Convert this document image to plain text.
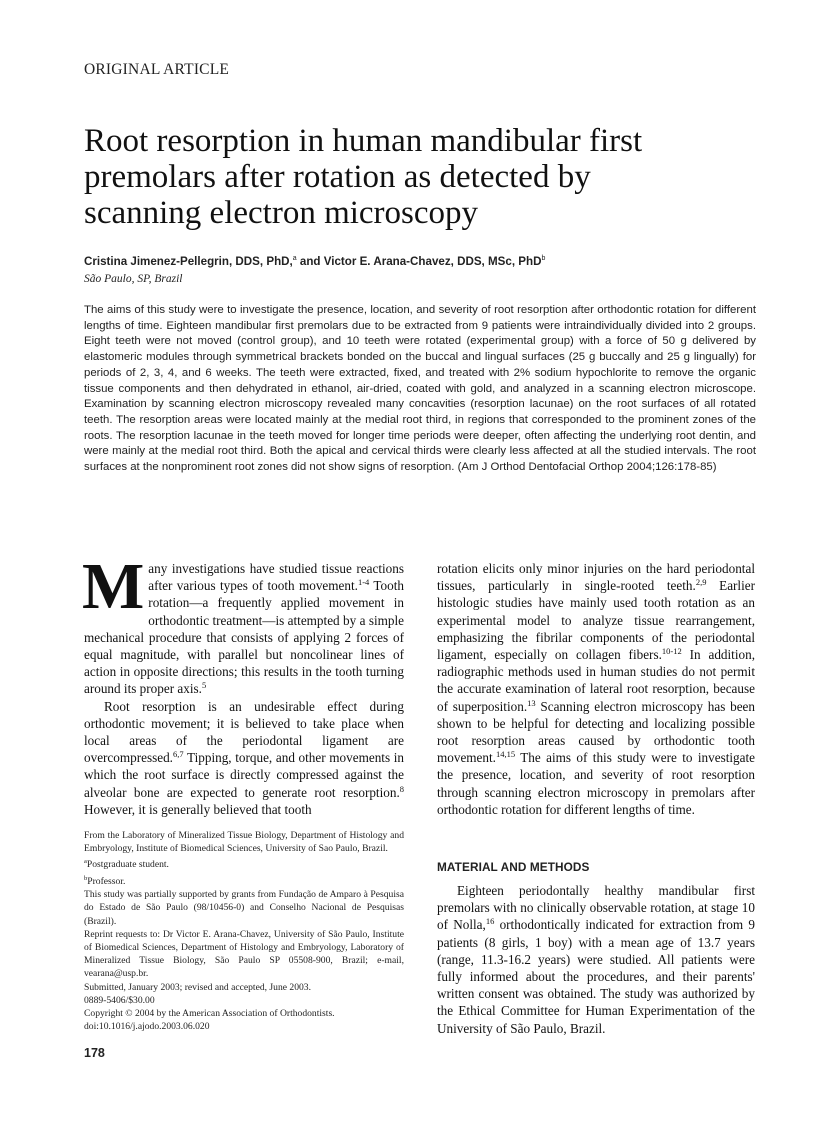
ORIGINAL ARTICLE
Root resorption in human mandibular first
premolars after rotation as detected by
scanning electron microscopy
Cristina Jimenez-Pellegrin, DDS, PhD,$^a$ and Victor E. Arana-Chavez, DDS, MSc, PhD$^b$
São Paulo, SP, Brazil
The aims of this study were to investigate the presence, location, and severity of root resorption after orthodontic rotation for different lengths of time. Eighteen mandibular first premolars due to be extracted from 9 patients were intraindividually divided into 2 groups. Eight teeth were not moved (control group), and 10 teeth were rotated (experimental group) with a force of 50 g delivered by elastomeric modules through symmetrical brackets bonded on the buccal and lingual surfaces (25 g buccally and 25 g lingually) for periods of 2, 3, 4, and 6 weeks. The teeth were extracted, fixed, and treated with 2% sodium hypochlorite to remove the organic tissue components and then dehydrated in ethanol, air-dried, coated with gold, and analyzed in a scanning electron microscope. Examination by scanning electron microscopy revealed many concavities (resorption lacunae) on the root surfaces of all rotated teeth. The resorption areas were located mainly at the medial root third, in regions that corresponded to the prominent zones of the roots. The resorption lacunae in the teeth moved for longer time periods were deeper, often affecting the underlying root dentin, and were mainly at the medial root third. Both the apical and cervical thirds were clearly less affected at all the studied intervals. The root surfaces at the nonprominent root zones did not show signs of resorption. (Am J Orthod Dentofacial Orthop 2004;126:178-85)

Many investigations have studied tissue reactions after various types of tooth movement.$^{1-4}$ Tooth rotation—a frequently applied movement in orthodontic treatment—is attempted by a simple mechanical procedure that consists of applying 2 forces of equal magnitude, with parallel but noncolinear lines of action in opposite directions; this results in the tooth turning around its proper axis.$^5$

Root resorption is an undesirable effect during orthodontic movement; it is believed to take place when local areas of the periodontal ligament are overcompressed.$^{6,7}$ Tipping, torque, and other movements in which the root surface is directly compressed against the alveolar bone are expected to generate root resorption.$^8$ However, it is generally believed that tooth

rotation elicits only minor injuries on the hard periodontal tissues, particularly in single-rooted teeth.$^{2,9}$ Earlier histologic studies have mainly used tooth rotation as an experimental model to analyze tissue rearrangement, emphasizing the fibrilar components of the periodontal ligament, especially on collagen fibers.$^{10-12}$ In addition, radiographic methods used in human studies do not permit the accurate examination of lateral root resorption, because of superposition.$^{13}$ Scanning electron microscopy has been shown to be helpful for detecting and localizing possible root resorption areas caused by orthodontic tooth movement.$^{14,15}$ The aims of this study were to investigate the presence, location, and severity of root resorption through scanning electron microscopy in premolars after orthodontic rotation for different lengths of time.

MATERIAL AND METHODS

Eighteen periodontally healthy mandibular first premolars with no clinically observable rotation, at stage 10 of Nolla,$^{16}$ orthodontically indicated for extraction from 9 patients (8 girls, 1 boy) with a mean age of 13.7 years (range, 11.3-16.2 years) were studied. All patients were fully informed about the procedures, and their parents' written consent was obtained. The study was authorized by the Ethical Committee for Human Experimentation of the University of São Paulo, Brazil.

From the Laboratory of Mineralized Tissue Biology, Department of Histology and Embryology, Institute of Biomedical Sciences, University of Sao Paulo, Brazil.
$^a$Postgraduate student.
$^b$Professor.
This study was partially supported by grants from Fundação de Amparo à Pesquisa do Estado de São Paulo (98/10456-0) and Conselho Nacional de Pesquisas (Brazil).
Reprint requests to: Dr Victor E. Arana-Chavez, University of São Paulo, Institute of Biomedical Sciences, Department of Histology and Embryology, Laboratory of Mineralized Tissue Biology, São Paulo SP 05508-900, Brazil; e-mail, vearana@usp.br.
Submitted, January 2003; revised and accepted, June 2003.
0889-5406/$30.00
Copyright © 2004 by the American Association of Orthodontists.
doi:10.1016/j.ajodo.2003.06.020
178
